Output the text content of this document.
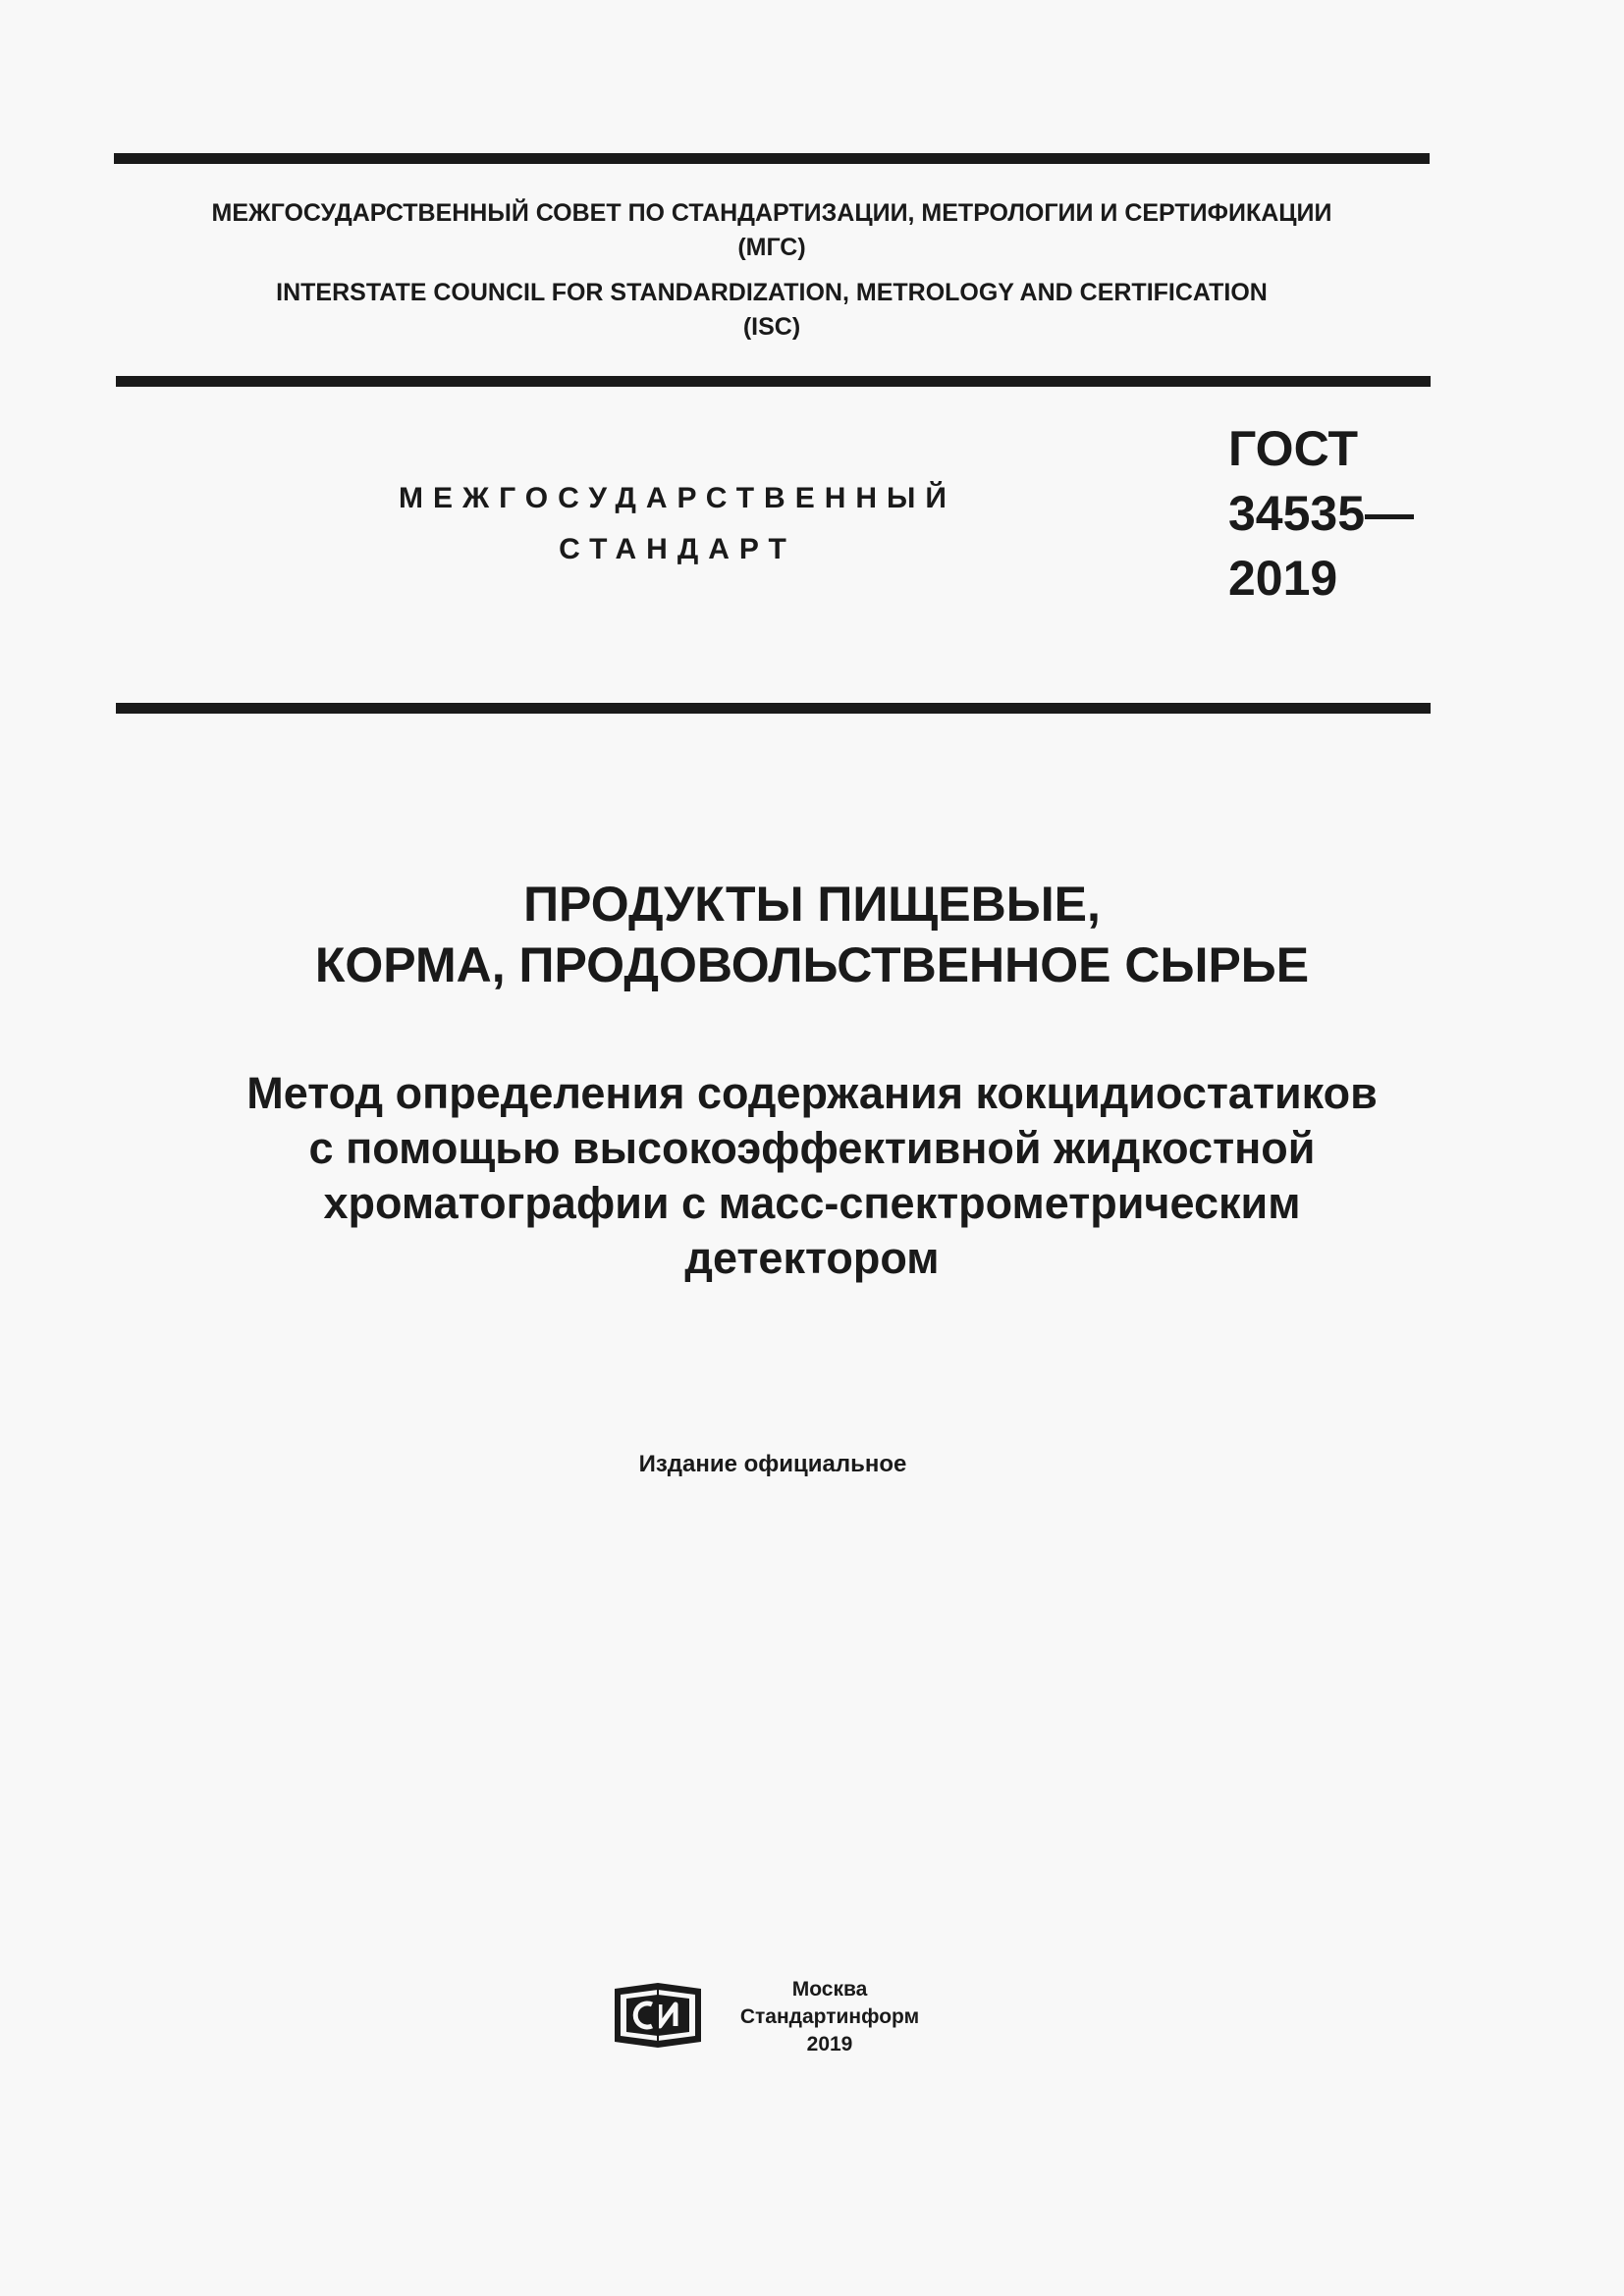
МЕЖГОСУДАРСТВЕННЫЙ СОВЕТ ПО СТАНДАРТИЗАЦИИ, МЕТРОЛОГИИ И СЕРТИФИКАЦИИ
(МГС)
INTERSTATE COUNCIL FOR STANDARDIZATION, METROLOGY AND CERTIFICATION
(ISC)
МЕЖГОСУДАРСТВЕННЫЙ
СТАНДАРТ
ГОСТ
34535—
2019
ПРОДУКТЫ ПИЩЕВЫЕ,
КОРМА, ПРОДОВОЛЬСТВЕННОЕ СЫРЬЕ
Метод определения содержания кокцидиостатиков
с помощью высокоэффективной жидкостной
хроматографии с масс-спектрометрическим
детектором
Издание официальное
Москва
Стандартинформ
2019
